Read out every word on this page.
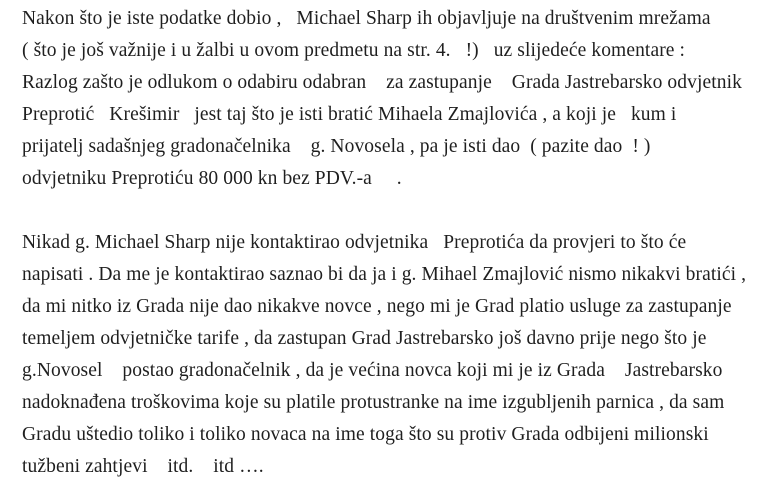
Nakon što je iste podatke dobio ,   Michael Sharp ih objavljuje na društvenim mrežama
( što je još važnije i u žalbi u ovom predmetu na str. 4.   !)   uz slijedeće komentare :
Razlog zašto je odlukom o odabiru odabran    za zastupanje    Grada Jastrebarsko odvjetnik
Preprotić   Krešimir   jest taj što je isti bratić Mihaela Zmajlovića , a koji je   kum i
prijatelj sadašnjeg gradonačelnika    g. Novosela , pa je isti dao  ( pazite dao  ! )
odvjetniku Preprotiću 80 000 kn bez PDV.-a     .
Nikad g. Michael Sharp nije kontaktirao odvjetnika   Preprotića da provjeri to što će
napisati . Da me je kontaktirao saznao bi da ja i g. Mihael Zmajlović nismo nikakvi bratići ,
da mi nitko iz Grada nije dao nikakve novce , nego mi je Grad platio usluge za zastupanje
temeljem odvjetničke tarife , da zastupan Grad Jastrebarsko još davno prije nego što je
g.Novosel    postao gradonačelnik , da je većina novca koji mi je iz Grada    Jastrebarsko
nadoknađena troškovima koje su platile protustranke na ime izgubljenih parnica , da sam
Gradu uštedio toliko i toliko novaca na ime toga što su protiv Grada odbijeni milionski
tužbeni zahtjevi    itd.    itd ….
